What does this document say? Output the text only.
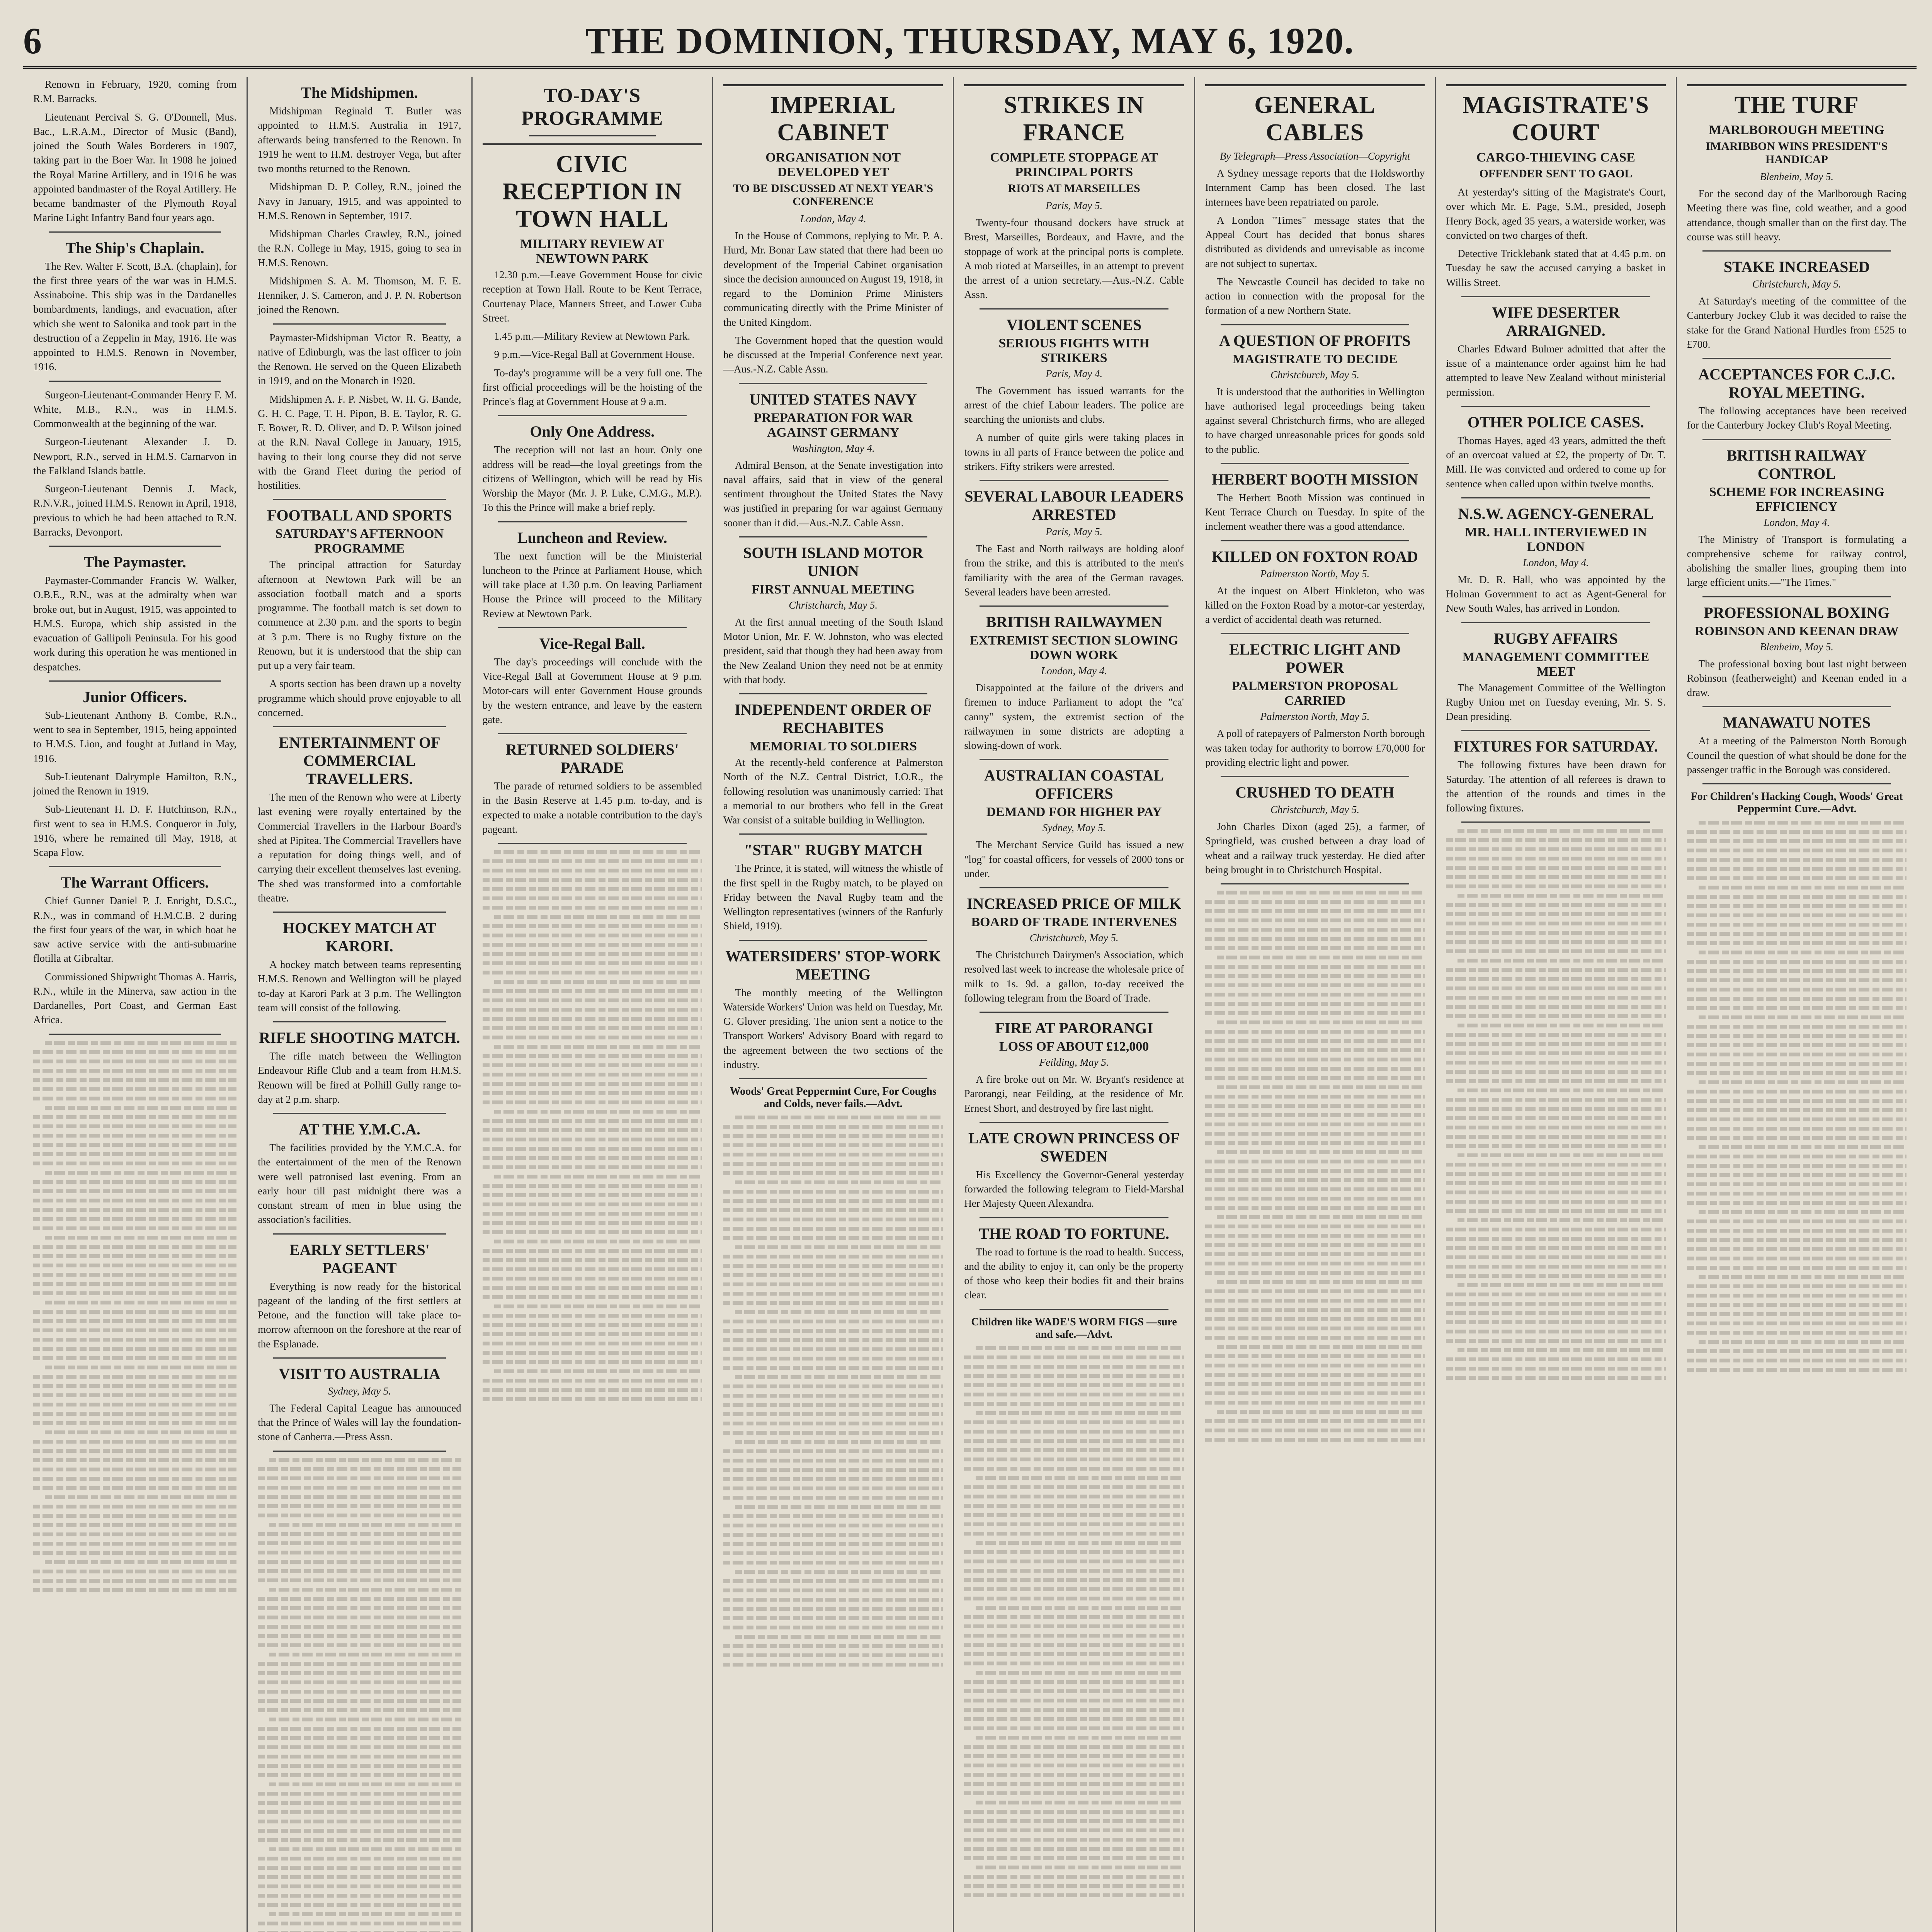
6	THE DOMINION, THURSDAY, MAY 6, 1920.

Renown in February, 1920, coming from R.M. Barracks.

Lieutenant Percival S. G. O'Donnell, Mus. Bac., L.R.A.M., Director of Music (Band), joined the South Wales Borderers in 1907, taking part in the Boer War. In 1908 he joined the Royal Marine Artillery, and in 1916 he was appointed bandmaster of the Royal Artillery. He became bandmaster of the Plymouth Royal Marine Light Infantry Band four years ago.

The Ship's Chaplain.

The Rev. Walter F. Scott, B.A. (chaplain), for the first three years of the war was in H.M.S. Assinaboine. This ship was in the Dardanelles bombardments, landings, and evacuation, after which she went to Salonika and took part in the destruction of a Zeppelin in May, 1916. He was appointed to H.M.S. Renown in November, 1916.

Surgeon-Lieutenant-Commander Henry F. M. White, M.B., R.N., was in H.M.S. Commonwealth at the beginning of the war.

Surgeon-Lieutenant Alexander J. D. Newport, R.N., served in H.M.S. Carnarvon in the Falkland Islands battle.

Surgeon-Lieutenant Dennis J. Mack, R.N.V.R., joined H.M.S. Renown in April, 1918, previous to which he had been attached to R.N. Barracks, Devonport.

The Paymaster.

Paymaster-Commander Francis W. Walker, O.B.E., R.N., was at the admiralty when war broke out, but in August, 1915, was appointed to H.M.S. Europa, which ship assisted in the evacuation of Gallipoli Peninsula. For his good work during this operation he was mentioned in despatches.

Junior Officers.

Sub-Lieutenant Anthony B. Combe, R.N., went to sea in September, 1915, being appointed to H.M.S. Lion, and fought at Jutland in May, 1916.

Sub-Lieutenant Dalrymple Hamilton, R.N., joined the Renown in 1919.

Sub-Lieutenant H. D. F. Hutchinson, R.N., first went to sea in H.M.S. Conqueror in July, 1916, where he remained till May, 1918, at Scapa Flow.

The Warrant Officers.

Chief Gunner Daniel P. J. Enright, D.S.C., R.N., was in command of H.M.C.B. 2 during the first four years of the war, in which boat he saw active service with the anti-submarine flotilla at Gibraltar.

Commissioned Shipwright Thomas A. Harris, R.N., while in the Minerva, saw action in the Dardanelles, Port Coast, and German East Africa.

The Midshipmen.

Midshipman Reginald T. Butler was appointed to H.M.S. Australia in 1917, afterwards being transferred to the Renown. In 1919 he went to H.M. destroyer Vega, but after two months returned to the Renown.

Midshipman D. P. Colley, R.N., joined the Navy in January, 1915, and was appointed to H.M.S. Renown in September, 1917.

Midshipman Charles Crawley, R.N., joined the R.N. College in May, 1915, going to sea in H.M.S. Renown.

Midshipmen S. A. M. Thomson, M. F. E. Henniker, J. S. Cameron, and J. P. N. Robertson joined the Renown.

Paymaster-Midshipman Victor R. Beatty, a native of Edinburgh, was the last officer to join the Renown. He served on the Queen Elizabeth in 1919, and on the Monarch in 1920.

Midshipmen A. F. P. Nisbet, W. H. G. Bande, G. H. C. Page, T. H. Pipon, B. E. Taylor, R. G. F. Bower, R. D. Oliver, and D. P. Wilson joined at the R.N. Naval College in January, 1915, having to their long course they did not serve with the Grand Fleet during the period of hostilities.

FOOTBALL AND SPORTS
SATURDAY'S AFTERNOON PROGRAMME

The principal attraction for Saturday afternoon at Newtown Park will be an association football match and a sports programme. The football match is set down to commence at 2.30 p.m. and the sports to begin at 3 p.m. There is no Rugby fixture on the Renown, but it is understood that the ship can put up a very fair team.

A sports section has been drawn up a novelty programme which should prove enjoyable to all concerned.

ENTERTAINMENT OF COMMERCIAL TRAVELLERS.

The men of the Renown who were at Liberty last evening were royally entertained by the Commercial Travellers in the Harbour Board's shed at Pipitea. The Commercial Travellers have a reputation for doing things well, and of carrying their excellent themselves last evening. The shed was transformed into a comfortable theatre.

HOCKEY MATCH AT KARORI.

A hockey match between teams representing H.M.S. Renown and Wellington will be played to-day at Karori Park at 3 p.m. The Wellington team will consist of the following.

RIFLE SHOOTING MATCH.

The rifle match between the Wellington Endeavour Rifle Club and a team from H.M.S. Renown will be fired at Polhill Gully range to-day at 2 p.m. sharp.

AT THE Y.M.C.A.

The facilities provided by the Y.M.C.A. for the entertainment of the men of the Renown were well patronised last evening. From an early hour till past midnight there was a constant stream of men in blue using the association's facilities.

EARLY SETTLERS' PAGEANT

Everything is now ready for the historical pageant of the landing of the first settlers at Petone, and the function will take place to-morrow afternoon on the foreshore at the rear of the Esplanade.

VISIT TO AUSTRALIA
Sydney, May 5.

The Federal Capital League has announced that the Prince of Wales will lay the foundation-stone of Canberra.—Press Assn.

TO-DAY'S PROGRAMME
CIVIC RECEPTION IN TOWN HALL
MILITARY REVIEW AT NEWTOWN PARK

12.30 p.m.—Leave Government House for civic reception at Town Hall. Route to be Kent Terrace, Courtenay Place, Manners Street, and Lower Cuba Street.

1.45 p.m.—Military Review at Newtown Park.

9 p.m.—Vice-Regal Ball at Government House.

To-day's programme will be a very full one. The first official proceedings will be the hoisting of the Prince's flag at Government House at 9 a.m.

Only One Address.

The reception will not last an hour. Only one address will be read—the loyal greetings from the citizens of Wellington, which will be read by His Worship the Mayor (Mr. J. P. Luke, C.M.G., M.P.). To this the Prince will make a brief reply.

Luncheon and Review.

The next function will be the Ministerial luncheon to the Prince at Parliament House, which will take place at 1.30 p.m. On leaving Parliament House the Prince will proceed to the Military Review at Newtown Park.

Vice-Regal Ball.

The day's proceedings will conclude with the Vice-Regal Ball at Government House at 9 p.m. Motor-cars will enter Government House grounds by the western entrance, and leave by the eastern gate.

RETURNED SOLDIERS' PARADE

The parade of returned soldiers to be assembled in the Basin Reserve at 1.45 p.m. to-day, and is expected to make a notable contribution to the day's pageant.

IMPERIAL CABINET
ORGANISATION NOT DEVELOPED YET
TO BE DISCUSSED AT NEXT YEAR'S CONFERENCE
London, May 4.

In the House of Commons, replying to Mr. P. A. Hurd, Mr. Bonar Law stated that there had been no development of the Imperial Cabinet organisation since the decision announced on August 19, 1918, in regard to the Dominion Prime Ministers communicating directly with the Prime Minister of the United Kingdom.

The Government hoped that the question would be discussed at the Imperial Conference next year.—Aus.-N.Z. Cable Assn.

UNITED STATES NAVY
PREPARATION FOR WAR AGAINST GERMANY
Washington, May 4.

Admiral Benson, at the Senate investigation into naval affairs, said that in view of the general sentiment throughout the United States the Navy was justified in preparing for war against Germany sooner than it did.—Aus.-N.Z. Cable Assn.

SOUTH ISLAND MOTOR UNION
FIRST ANNUAL MEETING
Christchurch, May 5.

At the first annual meeting of the South Island Motor Union, Mr. F. W. Johnston, who was elected president, said that though they had been away from the New Zealand Union they need not be at enmity with that body.

INDEPENDENT ORDER OF RECHABITES
MEMORIAL TO SOLDIERS

At the recently-held conference at Palmerston North of the N.Z. Central District, I.O.R., the following resolution was unanimously carried: That a memorial to our brothers who fell in the Great War consist of a suitable building in Wellington.

"STAR" RUGBY MATCH

The Prince, it is stated, will witness the whistle of the first spell in the Rugby match, to be played on Friday between the Naval Rugby team and the Wellington representatives (winners of the Ranfurly Shield, 1919).

WATERSIDERS' STOP-WORK MEETING

The monthly meeting of the Wellington Waterside Workers' Union was held on Tuesday, Mr. G. Glover presiding. The union sent a notice to the Transport Workers' Advisory Board with regard to the agreement between the two sections of the industry.

Woods' Great Peppermint Cure, For Coughs and Colds, never fails.—Advt.
STRIKES IN FRANCE
COMPLETE STOPPAGE AT PRINCIPAL PORTS
RIOTS AT MARSEILLES
Paris, May 5.

Twenty-four thousand dockers have struck at Brest, Marseilles, Bordeaux, and Havre, and the stoppage of work at the principal ports is complete. A mob rioted at Marseilles, in an attempt to prevent the arrest of a union secretary.—Aus.-N.Z. Cable Assn.

VIOLENT SCENES
SERIOUS FIGHTS WITH STRIKERS
Paris, May 4.

The Government has issued warrants for the arrest of the chief Labour leaders. The police are searching the unionists and clubs.

A number of quite girls were taking places in towns in all parts of France between the police and strikers. Fifty strikers were arrested.

SEVERAL LABOUR LEADERS ARRESTED
Paris, May 5.

The East and North railways are holding aloof from the strike, and this is attributed to the men's familiarity with the area of the German ravages. Several leaders have been arrested.

BRITISH RAILWAYMEN
EXTREMIST SECTION SLOWING DOWN WORK
London, May 4.

Disappointed at the failure of the drivers and firemen to induce Parliament to adopt the "ca' canny" system, the extremist section of the railwaymen in some districts are adopting a slowing-down of work.

AUSTRALIAN COASTAL OFFICERS
DEMAND FOR HIGHER PAY
Sydney, May 5.

The Merchant Service Guild has issued a new "log" for coastal officers, for vessels of 2000 tons or under.

INCREASED PRICE OF MILK
BOARD OF TRADE INTERVENES
Christchurch, May 5.

The Christchurch Dairymen's Association, which resolved last week to increase the wholesale price of milk to 1s. 9d. a gallon, to-day received the following telegram from the Board of Trade.

FIRE AT PARORANGI
LOSS OF ABOUT £12,000
Feilding, May 5.

A fire broke out on Mr. W. Bryant's residence at Parorangi, near Feilding, at the residence of Mr. Ernest Short, and destroyed by fire last night.

LATE CROWN PRINCESS OF SWEDEN

His Excellency the Governor-General yesterday forwarded the following telegram to Field-Marshal Her Majesty Queen Alexandra.

THE ROAD TO FORTUNE.

The road to fortune is the road to health. Success, and the ability to enjoy it, can only be the property of those who keep their bodies fit and their brains clear.

Children like WADE'S WORM FIGS —sure and safe.—Advt.
GENERAL CABLES
By Telegraph—Press Association—Copyright

A Sydney message reports that the Holdsworthy Internment Camp has been closed. The last internees have been repatriated on parole.

A London "Times" message states that the Appeal Court has decided that bonus shares distributed as dividends and unrevisable as income are not subject to supertax.

The Newcastle Council has decided to take no action in connection with the proposal for the formation of a new Northern State.

A QUESTION OF PROFITS
MAGISTRATE TO DECIDE
Christchurch, May 5.

It is understood that the authorities in Wellington have authorised legal proceedings being taken against several Christchurch firms, who are alleged to have charged unreasonable prices for goods sold to the public.

HERBERT BOOTH MISSION

The Herbert Booth Mission was continued in Kent Terrace Church on Tuesday. In spite of the inclement weather there was a good attendance.

KILLED ON FOXTON ROAD
Palmerston North, May 5.

At the inquest on Albert Hinkleton, who was killed on the Foxton Road by a motor-car yesterday, a verdict of accidental death was returned.

ELECTRIC LIGHT AND POWER
PALMERSTON PROPOSAL CARRIED
Palmerston North, May 5.

A poll of ratepayers of Palmerston North borough was taken today for authority to borrow £70,000 for providing electric light and power.

CRUSHED TO DEATH
Christchurch, May 5.

John Charles Dixon (aged 25), a farmer, of Springfield, was crushed between a dray load of wheat and a railway truck yesterday. He died after being brought in to Christchurch Hospital.

MAGISTRATE'S COURT
CARGO-THIEVING CASE
OFFENDER SENT TO GAOL

At yesterday's sitting of the Magistrate's Court, over which Mr. E. Page, S.M., presided, Joseph Henry Bock, aged 35 years, a waterside worker, was convicted on two charges of theft.

Detective Tricklebank stated that at 4.45 p.m. on Tuesday he saw the accused carrying a basket in Willis Street.

WIFE DESERTER ARRAIGNED.

Charles Edward Bulmer admitted that after the issue of a maintenance order against him he had attempted to leave New Zealand without ministerial permission.

OTHER POLICE CASES.

Thomas Hayes, aged 43 years, admitted the theft of an overcoat valued at £2, the property of Dr. T. Mill. He was convicted and ordered to come up for sentence when called upon within twelve months.

N.S.W. AGENCY-GENERAL
MR. HALL INTERVIEWED IN LONDON
London, May 4.

Mr. D. R. Hall, who was appointed by the Holman Government to act as Agent-General for New South Wales, has arrived in London.

RUGBY AFFAIRS
MANAGEMENT COMMITTEE MEET

The Management Committee of the Wellington Rugby Union met on Tuesday evening, Mr. S. S. Dean presiding.

FIXTURES FOR SATURDAY.

The following fixtures have been drawn for Saturday. The attention of all referees is drawn to the attention of the rounds and times in the following fixtures.

THE TURF
MARLBOROUGH MEETING
IMARIBBON WINS PRESIDENT'S HANDICAP
Blenheim, May 5.

For the second day of the Marlborough Racing Meeting there was fine, cold weather, and a good attendance, though smaller than on the first day. The course was still heavy.

STAKE INCREASED
Christchurch, May 5.

At Saturday's meeting of the committee of the Canterbury Jockey Club it was decided to raise the stake for the Grand National Hurdles from £525 to £700.

ACCEPTANCES FOR C.J.C. ROYAL MEETING.

The following acceptances have been received for the Canterbury Jockey Club's Royal Meeting.

BRITISH RAILWAY CONTROL
SCHEME FOR INCREASING EFFICIENCY
London, May 4.

The Ministry of Transport is formulating a comprehensive scheme for railway control, abolishing the smaller lines, grouping them into large efficient units.—"The Times."

PROFESSIONAL BOXING
ROBINSON AND KEENAN DRAW
Blenheim, May 5.

The professional boxing bout last night between Robinson (featherweight) and Keenan ended in a draw.

MANAWATU NOTES

At a meeting of the Palmerston North Borough Council the question of what should be done for the passenger traffic in the Borough was considered.

For Children's Hacking Cough, Woods' Great Peppermint Cure.—Advt.
